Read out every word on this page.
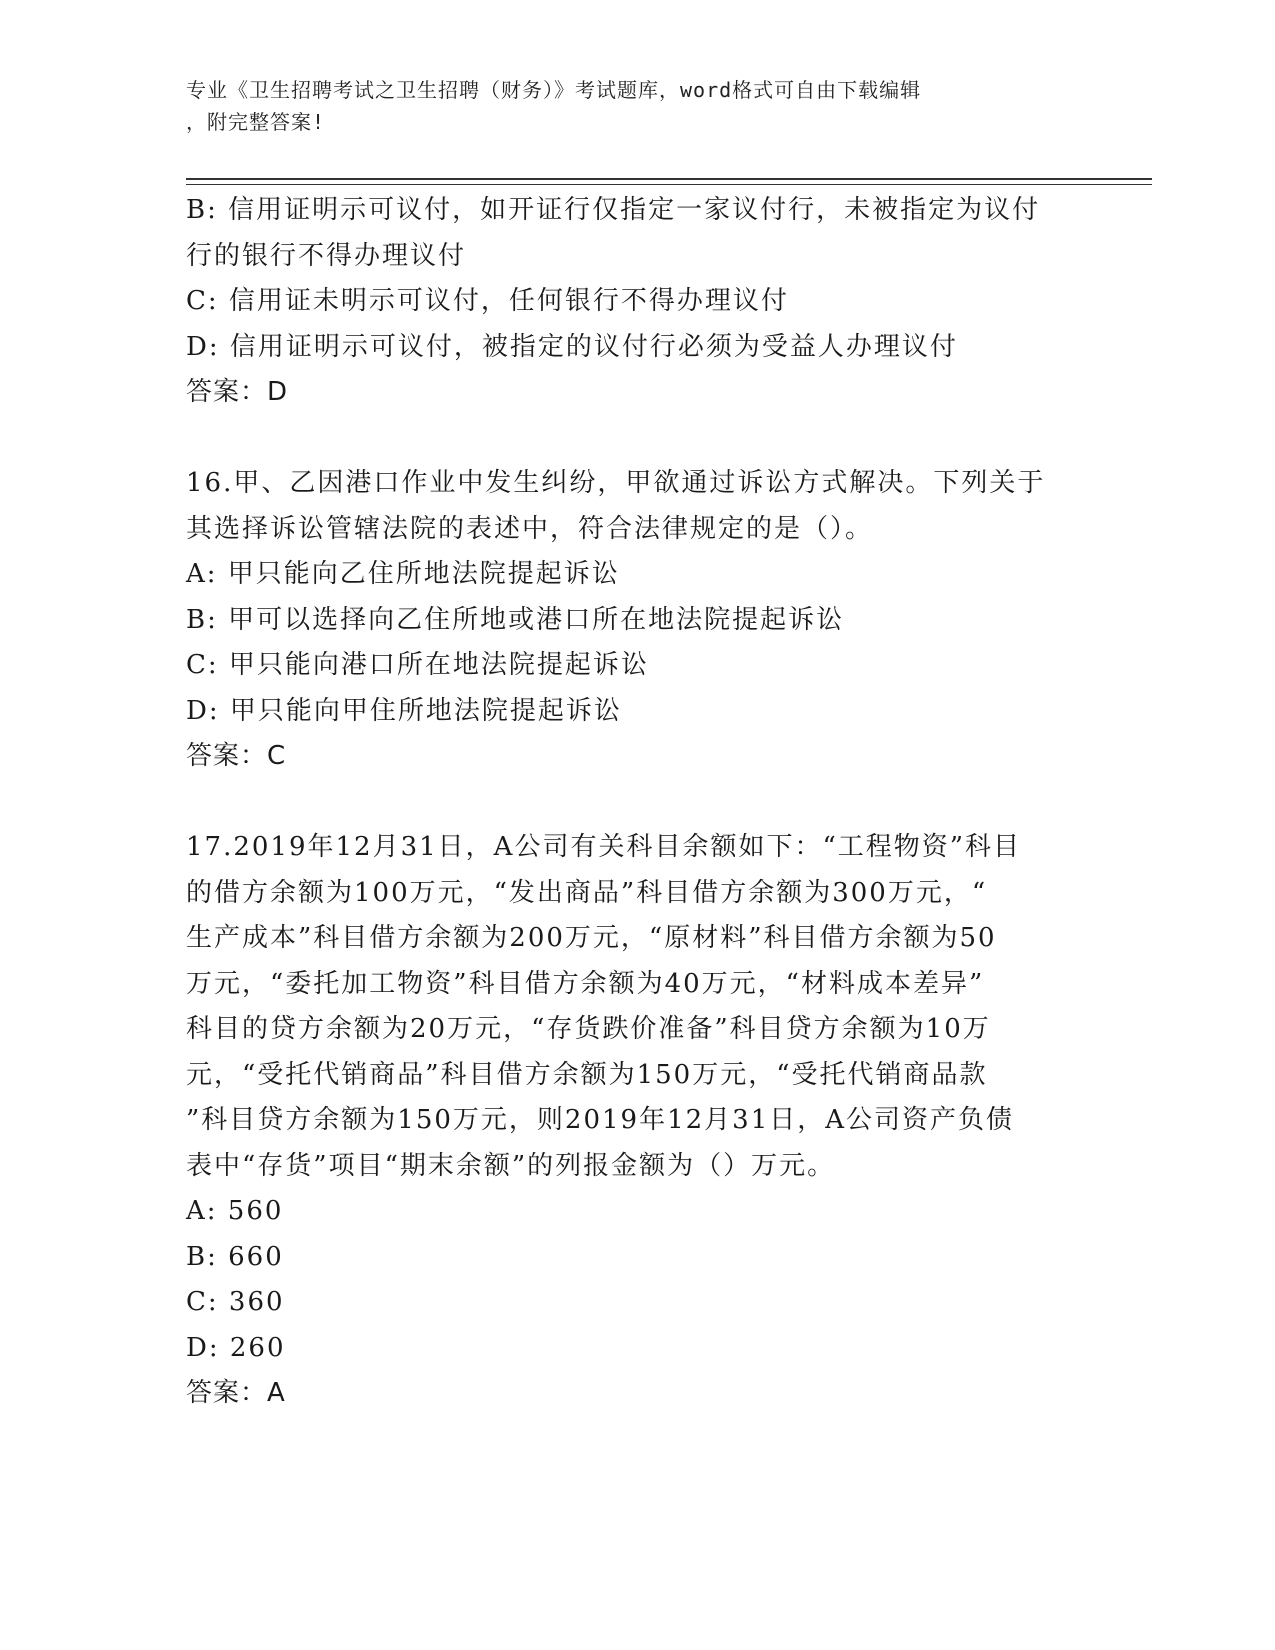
专业《卫生招聘考试之卫生招聘（财务）》考试题库，word格式可自由下载编辑
，附完整答案!
B: 信用证明示可议付，如开证行仅指定一家议付行，未被指定为议付
行的银行不得办理议付
C: 信用证未明示可议付，任何银行不得办理议付
D: 信用证明示可议付，被指定的议付行必须为受益人办理议付
答案：D
16.甲、乙因港口作业中发生纠纷，甲欲通过诉讼方式解决。下列关于
其选择诉讼管辖法院的表述中，符合法律规定的是（）。
A: 甲只能向乙住所地法院提起诉讼
B: 甲可以选择向乙住所地或港口所在地法院提起诉讼
C: 甲只能向港口所在地法院提起诉讼
D: 甲只能向甲住所地法院提起诉讼
答案：C
17.2019年12月31日，A公司有关科目余额如下：“工程物资”科目
的借方余额为100万元，“发出商品”科目借方余额为300万元，“
生产成本”科目借方余额为200万元，“原材料”科目借方余额为50
万元，“委托加工物资”科目借方余额为40万元，“材料成本差异”
科目的贷方余额为20万元，“存货跌价准备”科目贷方余额为10万
元，“受托代销商品”科目借方余额为150万元，“受托代销商品款
”科目贷方余额为150万元，则2019年12月31日，A公司资产负债
表中“存货”项目“期末余额”的列报金额为（）万元。
A: 560
B: 660
C: 360
D: 260
答案：A
